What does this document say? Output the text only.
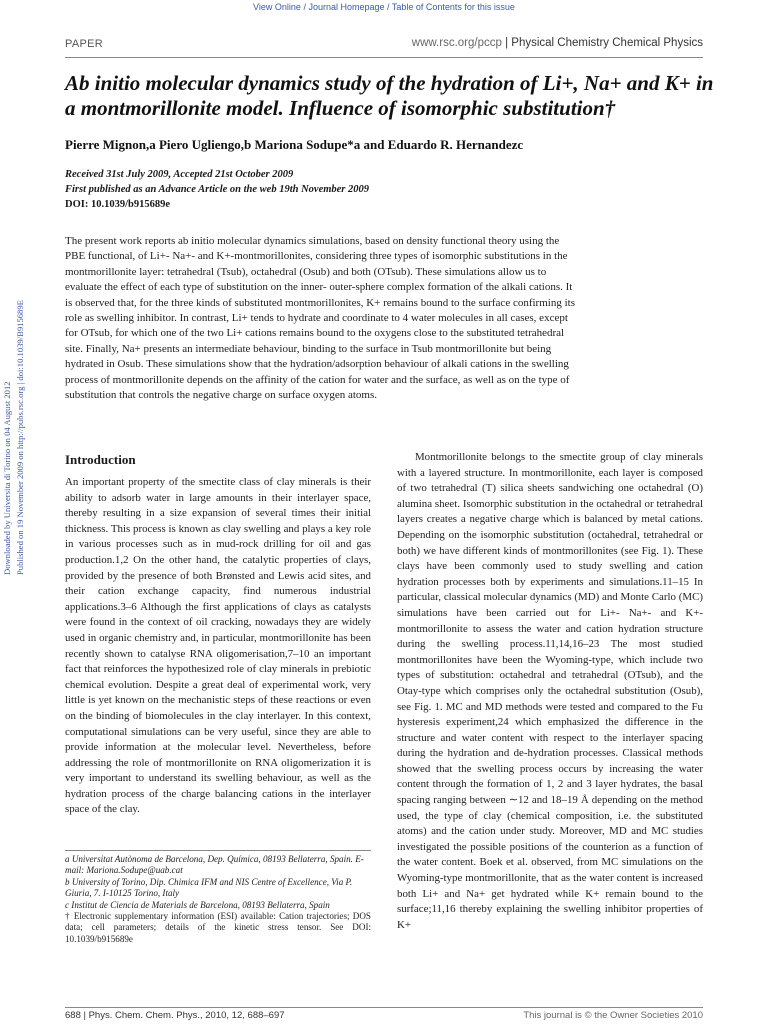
View Online / Journal Homepage / Table of Contents for this issue
PAPER	www.rsc.org/pccp | Physical Chemistry Chemical Physics
Downloaded by Universita di Torino on 04 August 2012 Published on 19 November 2009 on http://pubs.rsc.org | doi:10.1039/B915689E
Ab initio molecular dynamics study of the hydration of Li+, Na+ and K+ in a montmorillonite model. Influence of isomorphic substitution†
Pierre Mignon,a Piero Ugliengo,b Mariona Sodupe*a and Eduardo R. Hernandezc
Received 31st July 2009, Accepted 21st October 2009
First published as an Advance Article on the web 19th November 2009
DOI: 10.1039/b915689e
The present work reports ab initio molecular dynamics simulations, based on density functional theory using the PBE functional, of Li+- Na+- and K+-montmorillonites, considering three types of isomorphic substitutions in the montmorillonite layer: tetrahedral (Tsub), octahedral (Osub) and both (OTsub). These simulations allow us to evaluate the effect of each type of substitution on the inner- outer-sphere complex formation of the alkali cations. It is observed that, for the three kinds of substituted montmorillonites, K+ remains bound to the surface confirming its role as swelling inhibitor. In contrast, Li+ tends to hydrate and coordinate to 4 water molecules in all cases, except for OTsub, for which one of the two Li+ cations remains bound to the oxygens close to the substituted tetrahedral site. Finally, Na+ presents an intermediate behaviour, binding to the surface in Tsub montmorillonite but being hydrated in Osub. These simulations show that the hydration/adsorption behaviour of alkali cations in the swelling process of montmorillonite depends on the affinity of the cation for water and the surface, as well as on the type of substitution that controls the negative charge on surface oxygen atoms.
Introduction
An important property of the smectite class of clay minerals is their ability to adsorb water in large amounts in their interlayer space, thereby resulting in a size expansion of several times their initial thickness. This process is known as clay swelling and plays a key role in various processes such as in mud-rock drilling for oil and gas production.1,2 On the other hand, the catalytic properties of clays, provided by the presence of both Brønsted and Lewis acid sites, and their cation exchange capacity, find numerous industrial applications.3–6 Although the first applications of clays as catalysts were found in the context of oil cracking, nowadays they are widely used in organic chemistry and, in particular, montmorillonite has been recently shown to catalyse RNA oligomerisation,7–10 an important fact that reinforces the hypothesized role of clay minerals in prebiotic chemical evolution. Despite a great deal of experimental work, very little is yet known on the mechanistic steps of these reactions or even on the binding of biomolecules in the clay interlayer. In this context, computational simulations can be very useful, since they are able to provide information at the molecular level. Nevertheless, before addressing the role of montmorillonite on RNA oligomerization it is very important to understand its swelling behaviour, as well as the hydration process of the charge balancing cations in the interlayer space of the clay.
Montmorillonite belongs to the smectite group of clay minerals with a layered structure. In montmorillonite, each layer is composed of two tetrahedral (T) silica sheets sandwiching one octahedral (O) alumina sheet. Isomorphic substitution in the octahedral or tetrahedral layers creates a negative charge which is balanced by metal cations. Depending on the isomorphic substitution (octahedral, tetrahedral or both) we have different kinds of montmorillonites (see Fig. 1). These clays have been commonly used to study swelling and cation hydration processes both by experiments and simulations.11–15 In particular, classical molecular dynamics (MD) and Monte Carlo (MC) simulations have been carried out for Li+- Na+- and K+-montmorillonite to assess the water and cation hydration structure during the swelling process.11,14,16–23 The most studied montmorillonites have been the Wyoming-type, which include two types of substitution: octahedral and tetrahedral (OTsub), and the Otay-type which comprises only the octahedral substitution (Osub), see Fig. 1. MC and MD methods were tested and compared to the Fu hysteresis experiment,24 which emphasized the difference in the structure and water content with respect to the interlayer spacing during the hydration and de-hydration processes. Classical methods showed that the swelling process occurs by increasing the water content through the formation of 1, 2 and 3 layer hydrates, the basal spacing ranging between ∼12 and 18–19 Å depending on the method used, the type of clay (chemical composition, i.e. the substituted atoms) and the cation under study. Moreover, MD and MC studies investigated the possible positions of the counterion as a function of the water content. Boek et al. observed, from MC simulations on the Wyoming-type montmorillonite, that as the water content is increased both Li+ and Na+ get hydrated while K+ remain bound to the surface;11,16 thereby explaining the swelling inhibitor properties of K+

a Universitat Autònoma de Barcelona, Dep. Química, 08193 Bellaterra, Spain. E-mail: Mariona.Sodupe@uab.cat

b University of Torino, Dip. Chimica IFM and NIS Centre of Excellence, Via P. Giuria, 7. I-10125 Torino, Italy

c Institut de Ciencia de Materials de Barcelona, 08193 Bellaterra, Spain

† Electronic supplementary information (ESI) available: Cation trajectories; DOS data; cell parameters; details of the kinetic stress tensor. See DOI: 10.1039/b915689e

688 | Phys. Chem. Chem. Phys., 2010, 12, 688–697	This journal is © the Owner Societies 2010
